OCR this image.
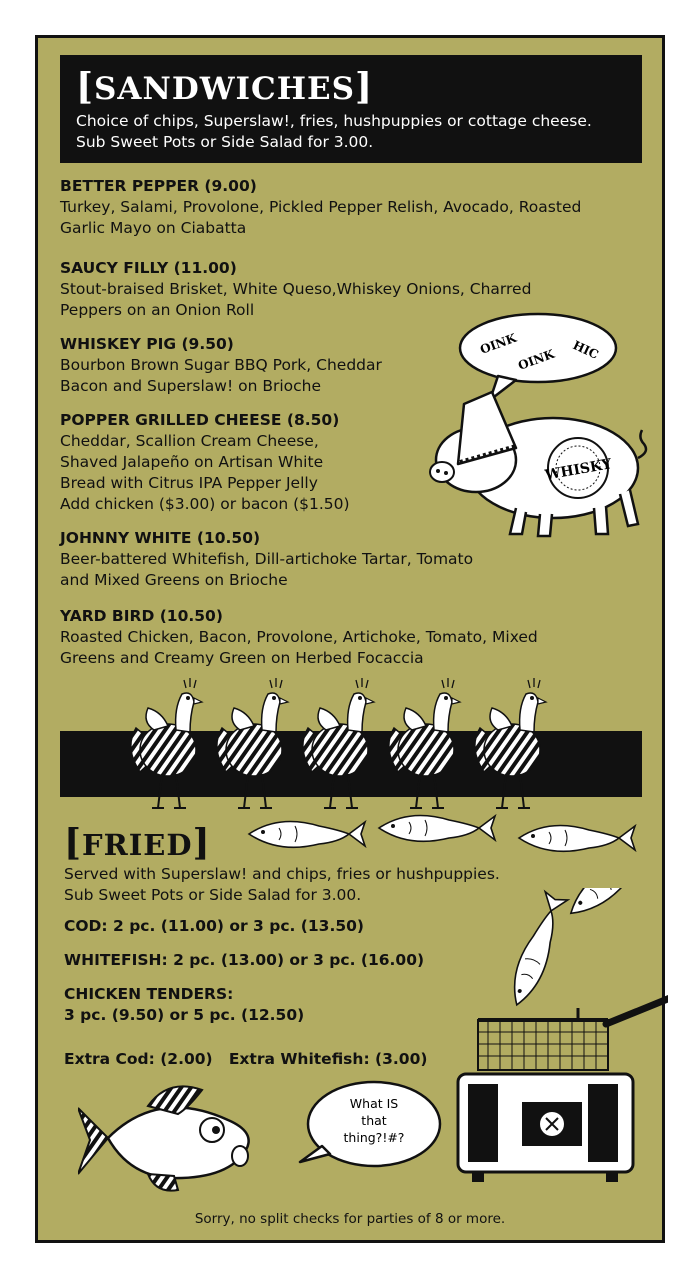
[SANDWICHES]
Choice of chips, Superslaw!, fries, hushpuppies or cottage cheese.
Sub Sweet Pots or Side Salad for 3.00.
BETTER PEPPER (9.00)
Turkey, Salami, Provolone, Pickled Pepper Relish, Avocado, Roasted
Garlic Mayo on Ciabatta
SAUCY FILLY (11.00)
Stout-braised Brisket, White Queso,Whiskey Onions, Charred
Peppers on an Onion Roll
WHISKEY PIG (9.50)
Bourbon Brown Sugar BBQ Pork, Cheddar
Bacon and Superslaw! on Brioche
POPPER GRILLED CHEESE (8.50)
Cheddar, Scallion Cream Cheese,
Shaved Jalapeño on Artisan White
Bread with Citrus IPA Pepper Jelly
Add chicken ($3.00) or bacon ($1.50)
JOHNNY WHITE (10.50)
Beer-battered Whitefish, Dill-artichoke Tartar, Tomato
and Mixed Greens on Brioche
YARD BIRD (10.50)
Roasted Chicken, Bacon, Provolone, Artichoke, Tomato, Mixed
Greens and Creamy Green on Herbed Focaccia
OINK
OINK HIC
WHISKY
[FRIED]
Served with Superslaw! and chips, fries or hushpuppies.
Sub Sweet Pots or Side Salad for 3.00.
COD: 2 pc. (11.00) or 3 pc. (13.50)
WHITEFISH: 2 pc. (13.00) or 3 pc. (16.00)
CHICKEN TENDERS:
3 pc. (9.50) or 5 pc. (12.50)
Extra Cod: (2.00) Extra Whitefish: (3.00)
What IS
that
thing?!#?
Sorry, no split checks for parties of 8 or more.
